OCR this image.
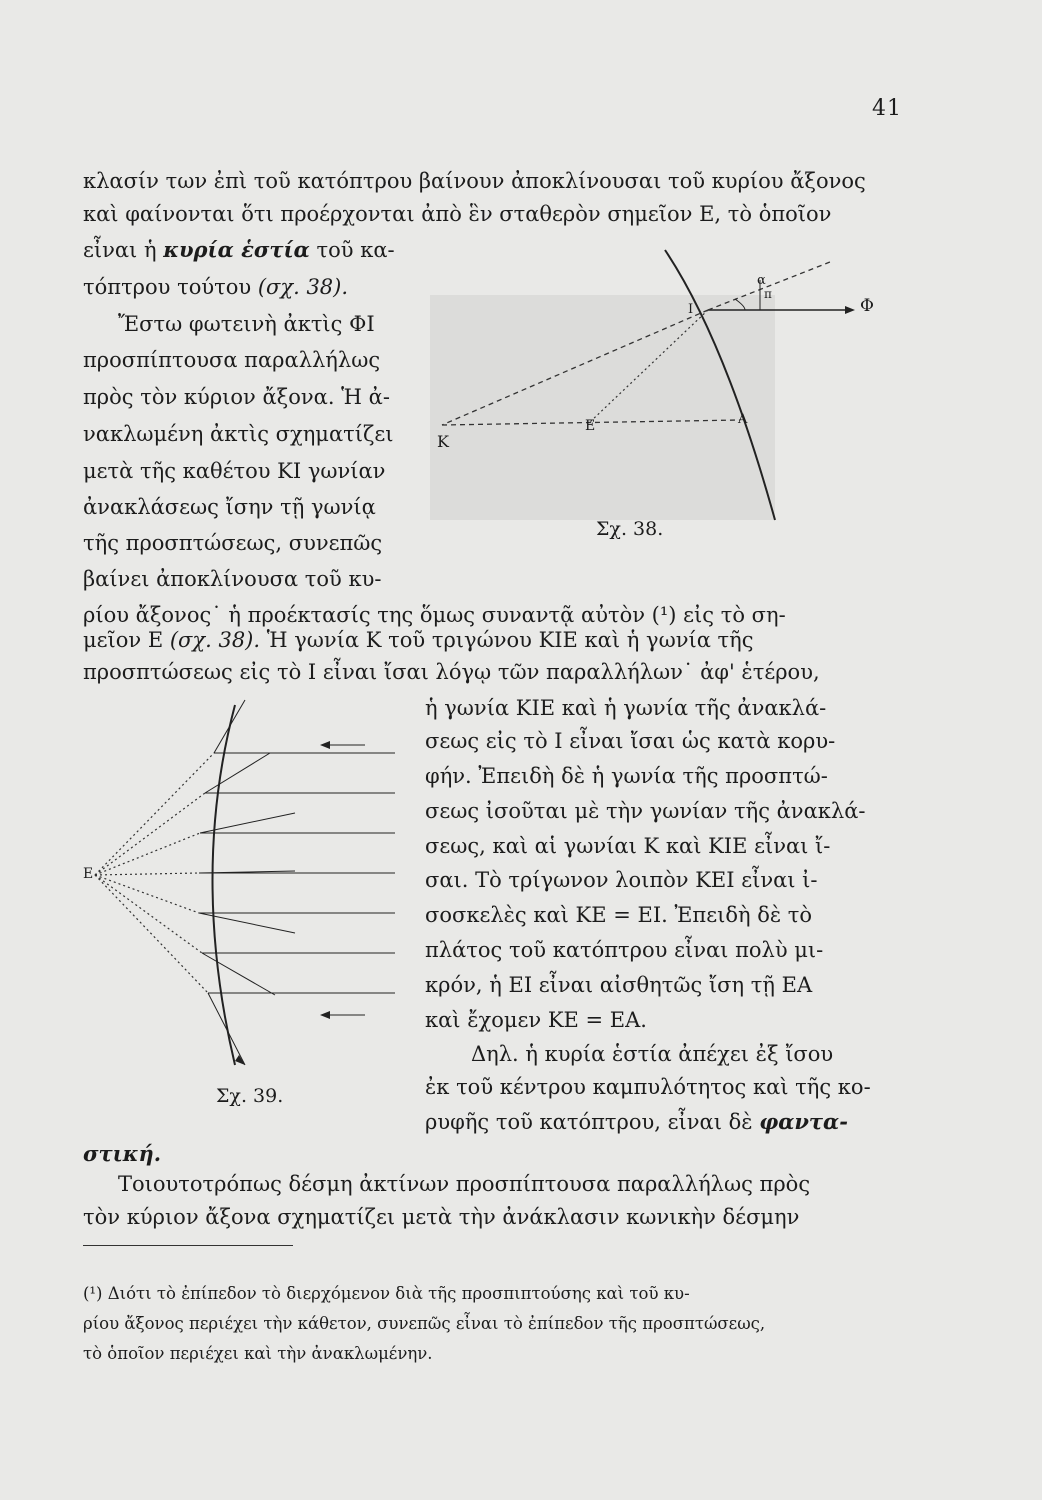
41
κλασίν των ἐπὶ τοῦ κατόπτρου βαίνουν ἀποκλίνουσαι τοῦ κυρίου ἄξονος
καὶ φαίνονται ὅτι προέρχονται ἀπὸ ἓν σταθερὸν σημεῖον Ε, τὸ ὁποῖον
εἶναι ἡ κυρία ἑστία τοῦ κα-
τόπτρου τούτου (σχ. 38).
Ἔστω φωτεινὴ ἀκτὶς ΦΙ
προσπίπτουσα παραλλήλως
πρὸς τὸν κύριον ἄξονα. Ἡ ἀ-
νακλωμένη ἀκτὶς σχηματίζει
μετὰ τῆς καθέτου ΚΙ γωνίαν
ἀνακλάσεως ἴσην τῇ γωνίᾳ
τῆς προσπτώσεως, συνεπῶς
βαίνει ἀποκλίνουσα τοῦ κυ-
Ι	Φ
Κ
Ε	Α
α
π
Σχ. 38.
ρίου ἄξονος˙ ἡ προέκτασίς της ὅμως συναντᾷ αὐτὸν (¹) εἰς τὸ ση-
μεῖον Ε (σχ. 38). Ἡ γωνία Κ τοῦ τριγώνου ΚΙΕ καὶ ἡ γωνία τῆς
προσπτώσεως εἰς τὸ Ι εἶναι ἴσαι λόγῳ τῶν παραλλήλων˙ ἀφ' ἑτέρου,
Ε
Σχ. 39.
ἡ γωνία ΚΙΕ καὶ ἡ γωνία τῆς ἀνακλά-
σεως εἰς τὸ Ι εἶναι ἴσαι ὡς κατὰ κορυ-
φήν. Ἐπειδὴ δὲ ἡ γωνία τῆς προσπτώ-
σεως ἰσοῦται μὲ τὴν γωνίαν τῆς ἀνακλά-
σεως, καὶ αἱ γωνίαι Κ καὶ ΚΙΕ εἶναι ἴ-
σαι. Τὸ τρίγωνον λοιπὸν ΚΕΙ εἶναι ἰ-
σοσκελὲς καὶ ΚΕ = ΕΙ. Ἐπειδὴ δὲ τὸ
πλάτος τοῦ κατόπτρου εἶναι πολὺ μι-
κρόν, ἡ ΕΙ εἶναι αἰσθητῶς ἴση τῇ ΕΑ
καὶ ἔχομεν ΚΕ = ΕΑ.
Δηλ. ἡ κυρία ἑστία ἀπέχει ἐξ ἴσου
ἐκ τοῦ κέντρου καμπυλότητος καὶ τῆς κο-
ρυφῆς τοῦ κατόπτρου, εἶναι δὲ φαντα-
στική.
Τοιουτοτρόπως δέσμη ἀκτίνων προσπίπτουσα παραλλήλως πρὸς
τὸν κύριον ἄξονα σχηματίζει μετὰ τὴν ἀνάκλασιν κωνικὴν δέσμην
(¹) Διότι τὸ ἐπίπεδον τὸ διερχόμενον διὰ τῆς προσπιπτούσης καὶ τοῦ κυ-
ρίου ἄξονος περιέχει τὴν κάθετον, συνεπῶς εἶναι τὸ ἐπίπεδον τῆς προσπτώσεως,
τὸ ὁποῖον περιέχει καὶ τὴν ἀνακλωμένην.
